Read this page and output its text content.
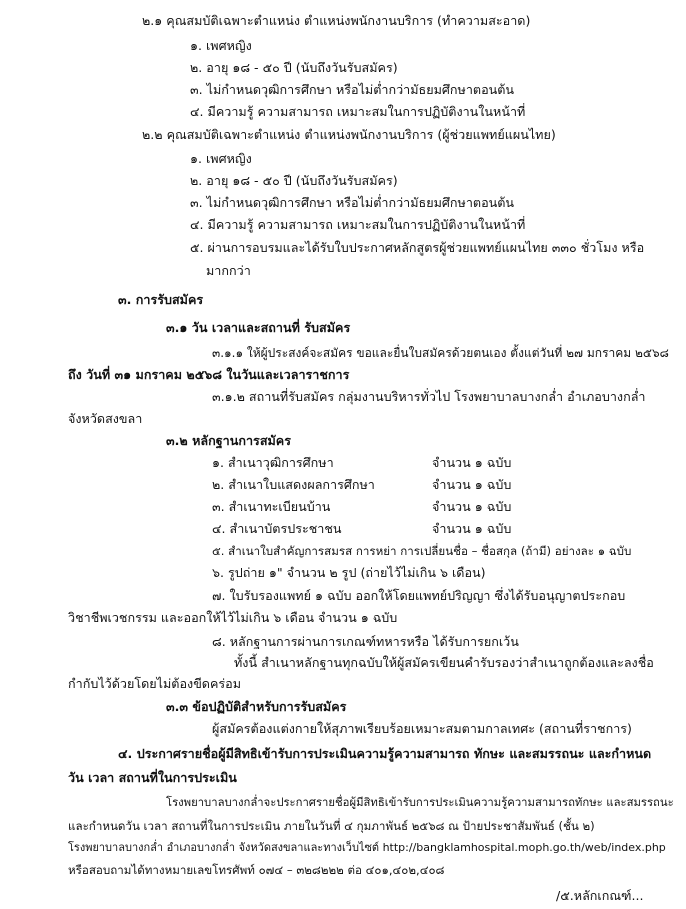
๒.๑ คุณสมบัติเฉพาะตำแหน่ง ตำแหน่งพนักงานบริการ (ทำความสะอาด)
๑. เพศหญิง
๒. อายุ ๑๘ - ๕๐ ปี (นับถึงวันรับสมัคร)
๓. ไม่กำหนดวุฒิการศึกษา หรือไม่ต่ำกว่ามัธยมศึกษาตอนต้น
๔. มีความรู้ ความสามารถ เหมาะสมในการปฏิบัติงานในหน้าที่
๒.๒ คุณสมบัติเฉพาะตำแหน่ง ตำแหน่งพนักงานบริการ (ผู้ช่วยแพทย์แผนไทย)
๑. เพศหญิง
๒. อายุ ๑๘ - ๕๐ ปี (นับถึงวันรับสมัคร)
๓. ไม่กำหนดวุฒิการศึกษา หรือไม่ต่ำกว่ามัธยมศึกษาตอนต้น
๔. มีความรู้ ความสามารถ เหมาะสมในการปฏิบัติงานในหน้าที่
๕. ผ่านการอบรมและได้รับใบประกาศหลักสูตรผู้ช่วยแพทย์แผนไทย ๓๓๐ ชั่วโมง หรือ
มากกว่า
๓. การรับสมัคร
๓.๑ วัน เวลาและสถานที่ รับสมัคร
๓.๑.๑ ให้ผู้ประสงค์จะสมัคร ขอและยื่นใบสมัครด้วยตนเอง ตั้งแต่วันที่ ๒๗ มกราคม ๒๕๖๘
ถึง วันที่ ๓๑ มกราคม ๒๕๖๘ ในวันและเวลาราชการ
๓.๑.๒ สถานที่รับสมัคร กลุ่มงานบริหารทั่วไป โรงพยาบาลบางกล่ำ อำเภอบางกล่ำ
จังหวัดสงขลา
๓.๒ หลักฐานการสมัคร
๑. สำเนาวุฒิการศึกษา	จำนวน ๑ ฉบับ
๒. สำเนาใบแสดงผลการศึกษา	จำนวน ๑ ฉบับ
๓. สำเนาทะเบียนบ้าน	จำนวน ๑ ฉบับ
๔. สำเนาบัตรประชาชน	จำนวน ๑ ฉบับ
๕. สำเนาใบสำคัญการสมรส การหย่า การเปลี่ยนชื่อ – ชื่อสกุล (ถ้ามี) อย่างละ ๑ ฉบับ
๖. รูปถ่าย ๑" จำนวน ๒ รูป (ถ่ายไว้ไม่เกิน ๖ เดือน)
๗. ใบรับรองแพทย์ ๑ ฉบับ ออกให้โดยแพทย์ปริญญา ซึ่งได้รับอนุญาตประกอบ
วิชาชีพเวชกรรม และออกให้ไว้ไม่เกิน ๖ เดือน จำนวน ๑ ฉบับ
๘. หลักฐานการผ่านการเกณฑ์ทหารหรือ ได้รับการยกเว้น
ทั้งนี้ สำเนาหลักฐานทุกฉบับให้ผู้สมัครเขียนคำรับรองว่าสำเนาถูกต้องและลงชื่อ
กำกับไว้ด้วยโดยไม่ต้องขีดคร่อม
๓.๓ ข้อปฏิบัติสำหรับการรับสมัคร
ผู้สมัครต้องแต่งกายให้สุภาพเรียบร้อยเหมาะสมตามกาลเทศะ (สถานที่ราชการ)
๔. ประกาศรายชื่อผู้มีสิทธิเข้ารับการประเมินความรู้ความสามารถ ทักษะ และสมรรถนะ และกำหนด
วัน เวลา สถานที่ในการประเมิน
โรงพยาบาลบางกล่ำจะประกาศรายชื่อผู้มีสิทธิเข้ารับการประเมินความรู้ความสามารถทักษะ และสมรรถนะ
และกำหนดวัน เวลา สถานที่ในการประเมิน ภายในวันที่ ๔ กุมภาพันธ์ ๒๕๖๘ ณ ป้ายประชาสัมพันธ์ (ชั้น ๒)
โรงพยาบาลบางกล่ำ อำเภอบางกล่ำ จังหวัดสงขลาและทางเว็บไซต์ http://bangklamhospital.moph.go.th/web/index.php
หรือสอบถามได้ทางหมายเลขโทรศัพท์ ๐๗๔ – ๓๒๘๒๒๒ ต่อ ๔๐๑,๔๐๒,๔๐๘
/๕.หลักเกณฑ์...
